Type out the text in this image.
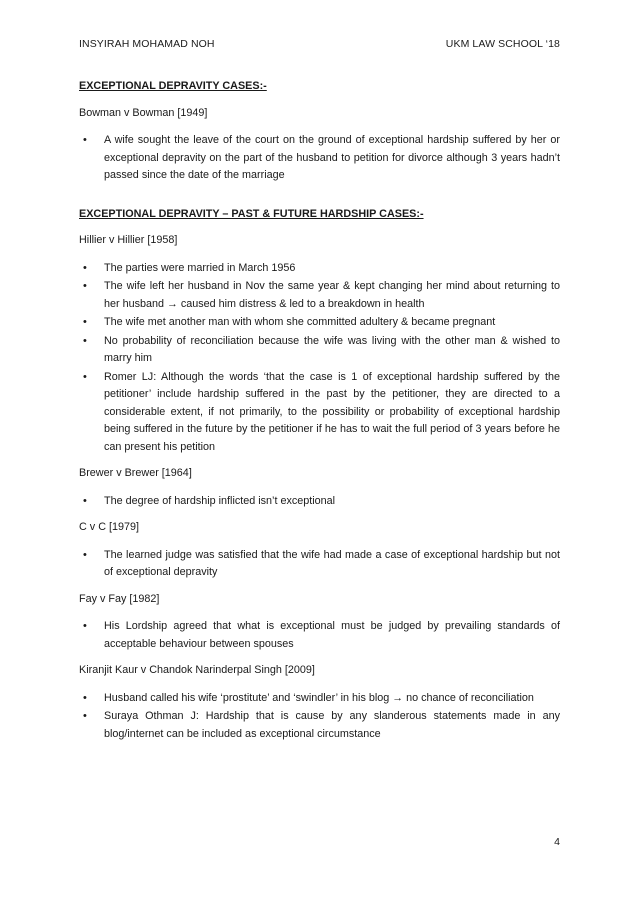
INSYIRAH MOHAMAD NOH	UKM LAW SCHOOL ‘18
EXCEPTIONAL DEPRAVITY CASES:-
Bowman v Bowman [1949]
• A wife sought the leave of the court on the ground of exceptional hardship suffered by her or exceptional depravity on the part of the husband to petition for divorce although 3 years hadn’t passed since the date of the marriage
EXCEPTIONAL DEPRAVITY – PAST & FUTURE HARDSHIP CASES:-
Hillier v Hillier [1958]
• The parties were married in March 1956
• The wife left her husband in Nov the same year & kept changing her mind about returning to her husband → caused him distress & led to a breakdown in health
• The wife met another man with whom she committed adultery & became pregnant
• No probability of reconciliation because the wife was living with the other man & wished to marry him
• Romer LJ: Although the words ‘that the case is 1 of exceptional hardship suffered by the petitioner’ include hardship suffered in the past by the petitioner, they are directed to a considerable extent, if not primarily, to the possibility or probability of exceptional hardship being suffered in the future by the petitioner if he has to wait the full period of 3 years before he can present his petition
Brewer v Brewer [1964]
• The degree of hardship inflicted isn’t exceptional
C v C [1979]
• The learned judge was satisfied that the wife had made a case of exceptional hardship but not of exceptional depravity
Fay v Fay [1982]
• His Lordship agreed that what is exceptional must be judged by prevailing standards of acceptable behaviour between spouses
Kiranjit Kaur v Chandok Narinderpal Singh [2009]
• Husband called his wife ‘prostitute’ and ‘swindler’ in his blog → no chance of reconciliation
• Suraya Othman J: Hardship that is cause by any slanderous statements made in any blog/internet can be included as exceptional circumstance
4
